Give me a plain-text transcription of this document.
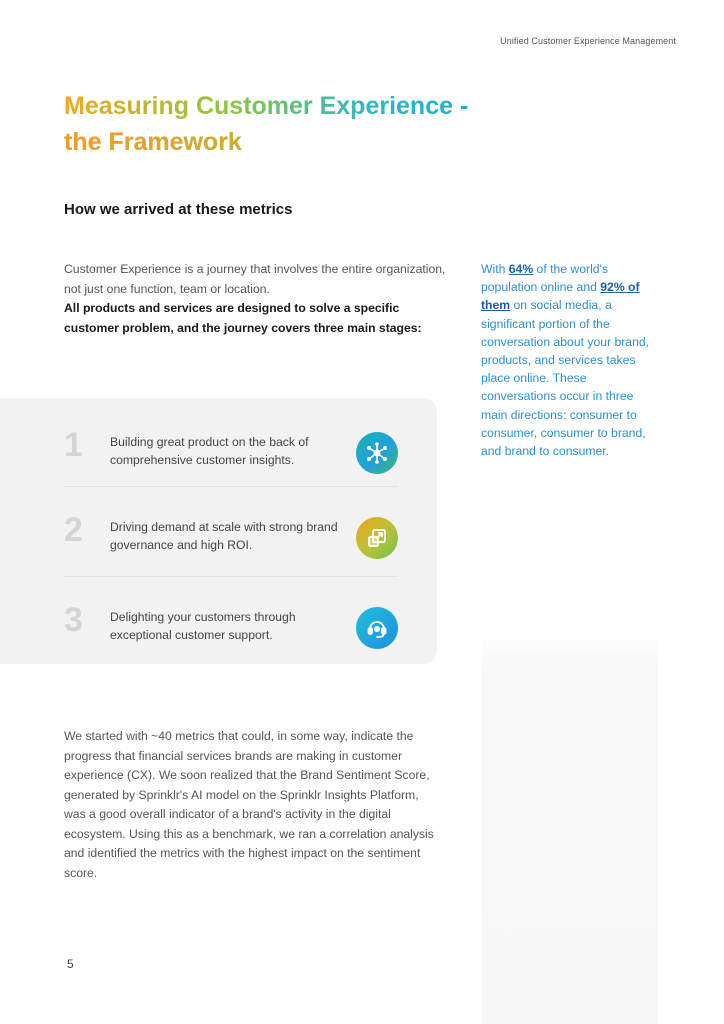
Unified Customer Experience Management
Measuring Customer Experience -
the Framework
How we arrived at these metrics

Customer Experience is a journey that involves the entire organization, not just one function, team or location.
All products and services are designed to solve a specific customer problem, and the journey covers three main stages:

1 Building great product on the back of comprehensive customer insights.
2 Driving demand at scale with strong brand governance and high ROI.
3 Delighting your customers through exceptional customer support.

With 64% of the world's population online and 92% of them on social media, a significant portion of the conversation about your brand, products, and services takes place online. These conversations occur in three main directions: consumer to consumer, consumer to brand, and brand to consumer.

We started with ~40 metrics that could, in some way, indicate the progress that financial services brands are making in customer experience (CX). We soon realized that the Brand Sentiment Score, generated by Sprinklr's AI model on the Sprinklr Insights Platform, was a good overall indicator of a brand's activity in the digital ecosystem. Using this as a benchmark, we ran a correlation analysis and identified the metrics with the highest impact on the sentiment score.

5
